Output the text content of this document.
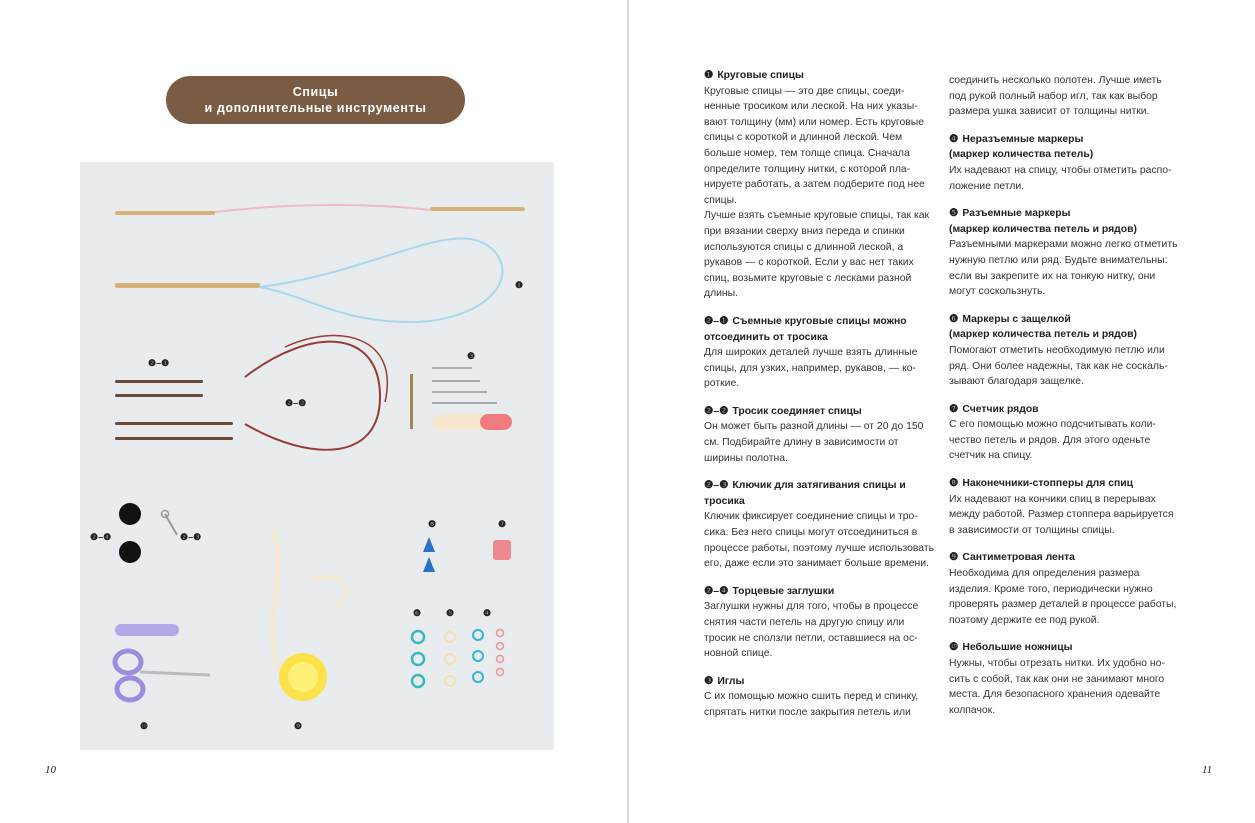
Спицы
и дополнительные инструменты
❶
❷–❶
❷–❷
❸
❷–❹	❷–❸
❽	❼
❻	❺	❹
❿	❾
10

❶ Круговые спицы

Круговые спицы — это две спицы, соединенные тросиком или леской. На них указывают толщину (мм) или номер. Есть круговые спицы с короткой и длинной леской. Чем больше номер, тем толще спица. Сначала определите толщину нитки, с которой планируете работать, а затем подберите под нее спицы.

Лучше взять съемные круговые спицы, так как при вязании сверху вниз переда и спинки используются спицы с длинной леской, а рукавов — с короткой. Если у вас нет таких спиц, возьмите круговые с лесками разной длины.

❷–❶ Съемные круговые спицы можно отсоединить от тросика

Для широких деталей лучше взять длинные спицы, для узких, например, рукавов, — короткие.

❷–❷ Тросик соединяет спицы

Он может быть разной длины — от 20 до 150 см. Подбирайте длину в зависимости от ширины полотна.

❷–❸ Ключик для затягивания спицы и тросика

Ключик фиксирует соединение спицы и тросика. Без него спицы могут отсоединиться в процессе работы, поэтому лучше использовать его, даже если это занимает больше времени.

❷–❹ Торцевые заглушки

Заглушки нужны для того, чтобы в процессе снятия части петель на другую спицу или тросик не сползли петли, оставшиеся на основной спице.

❸ Иглы

С их помощью можно сшить перед и спинку, спрятать нитки после закрытия петель или

соединить несколько полотен. Лучше иметь под рукой полный набор игл, так как выбор размера ушка зависит от толщины нитки.

❹ Неразъемные маркеры

(маркер количества петель)

Их надевают на спицу, чтобы отметить расположение петли.

❺ Разъемные маркеры

(маркер количества петель и рядов)

Разъемными маркерами можно легко отметить нужную петлю или ряд. Будьте внимательны: если вы закрепите их на тонкую нитку, они могут соскользнуть.

❻ Маркеры с защелкой

(маркер количества петель и рядов)

Помогают отметить необходимую петлю или ряд. Они более надежны, так как не соскальзывают благодаря защелке.

❼ Счетчик рядов

С его помощью можно подсчитывать количество петель и рядов. Для этого оденьте счетчик на спицу.

❽ Наконечники-стопперы для спиц

Их надевают на кончики спиц в перерывах между работой. Размер стоппера варьируется в зависимости от толщины спицы.

❾ Сантиметровая лента

Необходима для определения размера изделия. Кроме того, периодически нужно проверять размер деталей в процессе работы, поэтому держите ее под рукой.

❿ Небольшие ножницы

Нужны, чтобы отрезать нитки. Их удобно носить с собой, так как они не занимают много места. Для безопасного хранения одевайте колпачок.

11
